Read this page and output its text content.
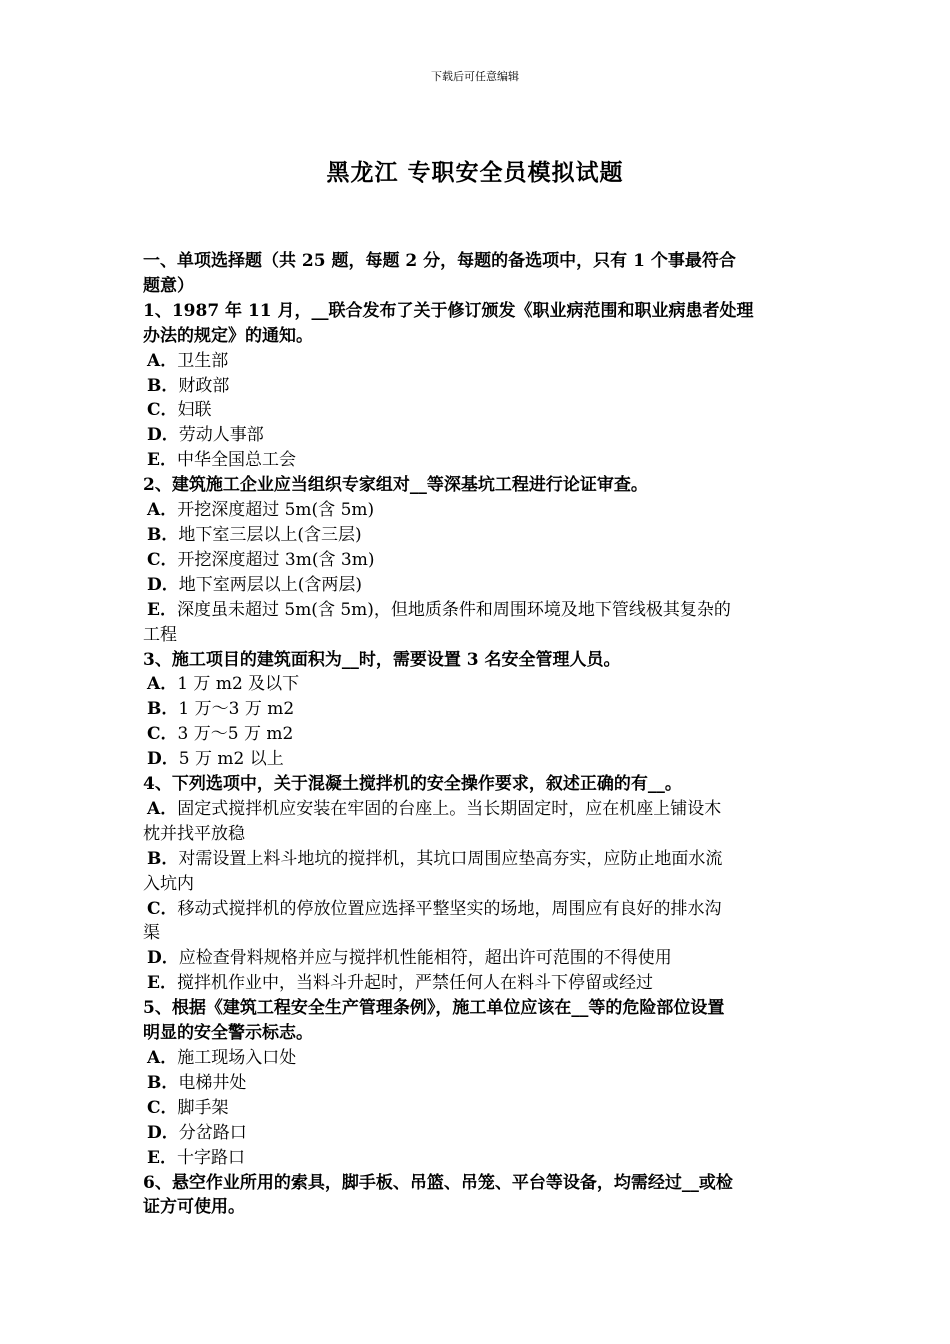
下载后可任意编辑
黑龙江 专职安全员模拟试题
一、单项选择题（共 25 题，每题 2 分，每题的备选项中，只有 1 个事最符合
题意）
1、1987 年 11 月，__联合发布了关于修订颁发《职业病范围和职业病患者处理
办法的规定》的通知。
A．卫生部
B．财政部
C．妇联
D．劳动人事部
E．中华全国总工会
2、建筑施工企业应当组织专家组对__等深基坑工程进行论证审查。
A．开挖深度超过 5m(含 5m)
B．地下室三层以上(含三层)
C．开挖深度超过 3m(含 3m)
D．地下室两层以上(含两层)
E．深度虽未超过 5m(含 5m)，但地质条件和周围环境及地下管线极其复杂的
工程
3、施工项目的建筑面积为__时，需要设置 3 名安全管理人员。
A．1 万 m2 及以下
B．1 万～3 万 m2
C．3 万～5 万 m2
D．5 万 m2 以上
4、下列选项中，关于混凝土搅拌机的安全操作要求，叙述正确的有__。
A．固定式搅拌机应安装在牢固的台座上。当长期固定时，应在机座上铺设木
枕并找平放稳
B．对需设置上料斗地坑的搅拌机，其坑口周围应垫高夯实，应防止地面水流
入坑内
C．移动式搅拌机的停放位置应选择平整坚实的场地，周围应有良好的排水沟
渠
D．应检查骨料规格并应与搅拌机性能相符，超出许可范围的不得使用
E．搅拌机作业中，当料斗升起时，严禁任何人在料斗下停留或经过
5、根据《建筑工程安全生产管理条例》，施工单位应该在__等的危险部位设置
明显的安全警示标志。
A．施工现场入口处
B．电梯井处
C．脚手架
D．分岔路口
E．十字路口
6、悬空作业所用的索具，脚手板、吊篮、吊笼、平台等设备，均需经过__或检
证方可使用。
